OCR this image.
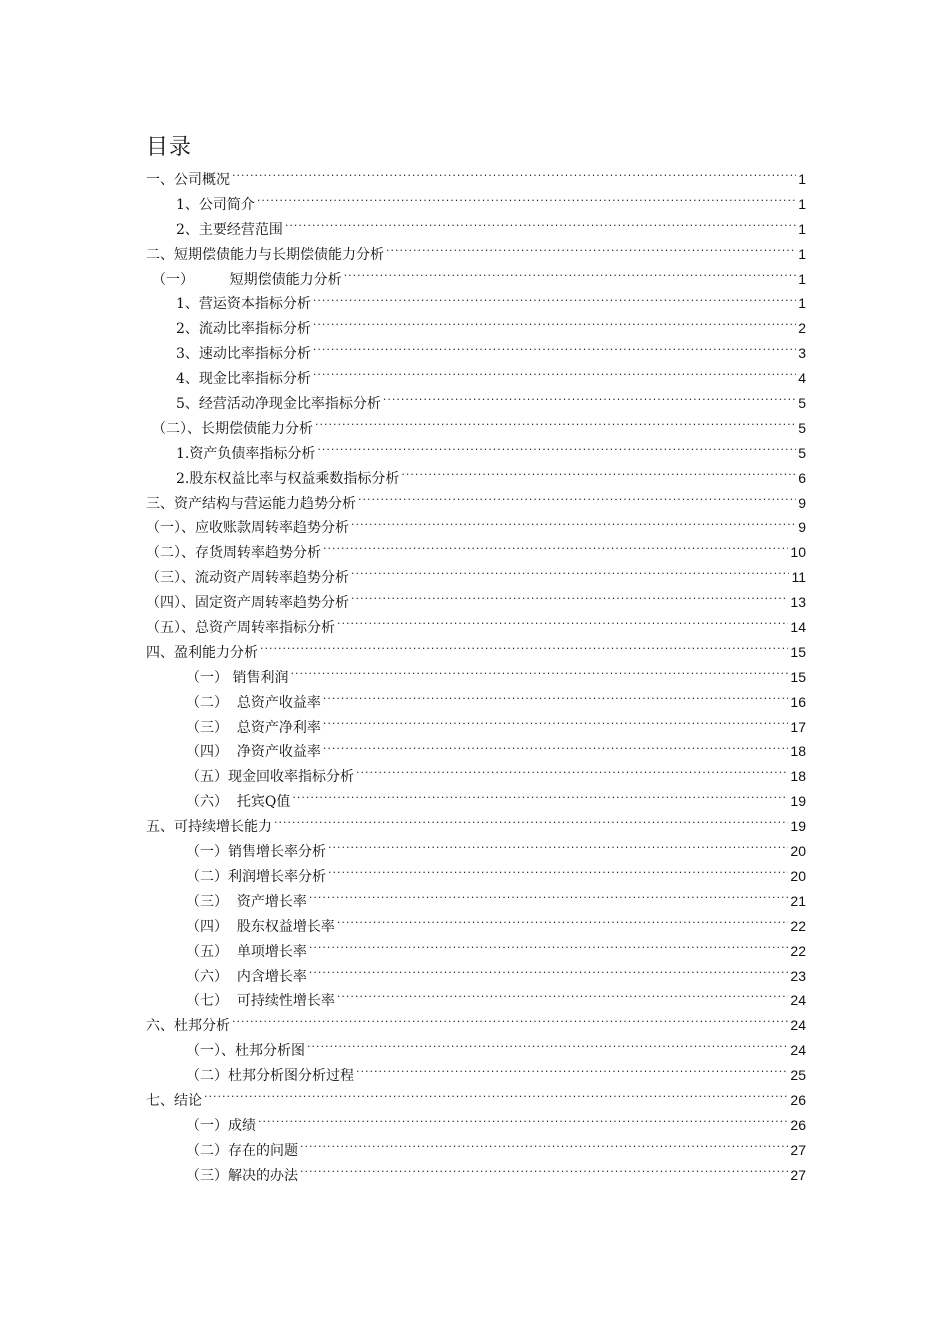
目录
一、公司概况 .....	1
1、公司简介 .....	1
2、主要经营范围 .....	1
二、短期偿债能力与长期偿债能力分析 .....	1
（一）        短期偿债能力分析 .....	1
1、营运资本指标分析 .....	1
2、流动比率指标分析 .....	2
3、速动比率指标分析 .....	3
4、现金比率指标分析 .....	4
5、经营活动净现金比率指标分析 .....	5
（二）、长期偿债能力分析 .....	5
1.资产负债率指标分析 .....	5
2.股东权益比率与权益乘数指标分析 .....	6
三、资产结构与营运能力趋势分析 .....	9
（一）、应收账款周转率趋势分析 .....	9
（二）、存货周转率趋势分析 .....	10
（三）、流动资产周转率趋势分析 .....	11
（四）、固定资产周转率趋势分析 .....	13
（五）、总资产周转率指标分析 .....	14
四、盈利能力分析 .....	15
（一） 销售利润 .....	15
（二）  总资产收益率 .....	16
（三）  总资产净利率 .....	17
（四）  净资产收益率 .....	18
（五）现金回收率指标分析 .....	18
（六）  托宾Q值 .....	19
五、可持续增长能力 .....	19
（一）销售增长率分析 .....	20
（二）利润增长率分析 .....	20
（三）  资产增长率 .....	21
（四）  股东权益增长率 .....	22
（五）  单项增长率 .....	22
（六）  内含增长率 .....	23
（七）  可持续性增长率 .....	24
六、杜邦分析 .....	24
（一）、杜邦分析图 .....	24
（二）杜邦分析图分析过程 .....	25
七、结论 .....	26
（一）成绩 .....	26
（二）存在的问题 .....	27
（三）解决的办法 .....	27
